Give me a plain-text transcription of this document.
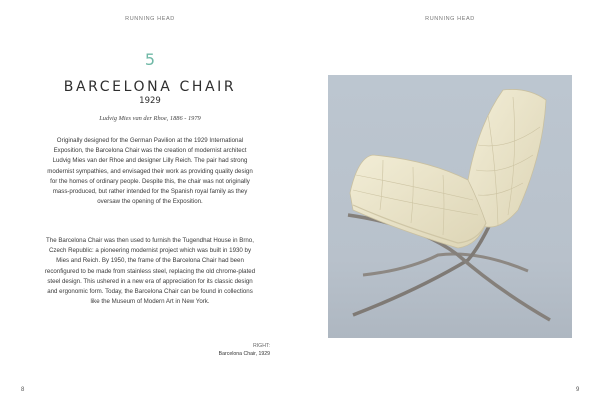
RUNNING HEAD
5
BARCELONA CHAIR
1929
Ludvig Mies van der Rhoe, 1886 - 1979

Originally designed for the German Pavilion at the 1929 International Exposition, the Barcelona Chair was the creation of modernist architect Ludvig Mies van der Rhoe and designer Lilly Reich. The pair had strong modernist sympathies, and envisaged their work as providing quality design for the homes of ordinary people. Despite this, the chair was not originally mass-produced, but rather intended for the Spanish royal family as they oversaw the opening of the Exposition.

The Barcelona Chair was then used to furnish the Tugendhat House in Brno, Czech Republic: a pioneering modernist project which was built in 1930 by Mies and Reich. By 1950, the frame of the Barcelona Chair had been reconfigured to be made from stainless steel, replacing the old chrome-plated steel design. This ushered in a new era of appreciation for its classic design and ergonomic form. Today, the Barcelona Chair can be found in collections like the Museum of Modern Art in New York.

RIGHT:
Barcelona Chair, 1929
8
RUNNING HEAD
9
